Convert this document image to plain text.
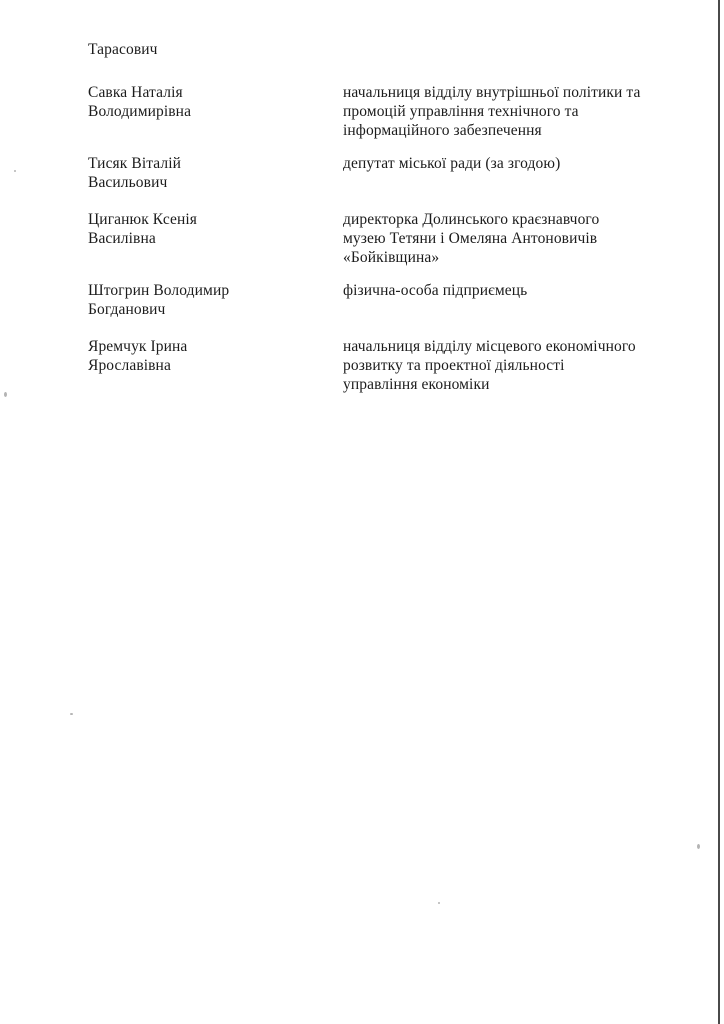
Тарасович
Савка Наталія
Володимирівна
начальниця відділу внутрішньої політики та
промоцій управління технічного та
інформаційного забезпечення
Тисяк Віталій
Васильович
депутат міської ради (за згодою)
Циганюк Ксенія
Василівна
директорка Долинського краєзнавчого
музею Тетяни і Омеляна Антоновичів
«Бойківщина»
Штогрин Володимир
Богданович
фізична-особа підприємець
Яремчук Ірина
Ярославівна
начальниця відділу місцевого економічного
розвитку та проектної діяльності
управління економіки
